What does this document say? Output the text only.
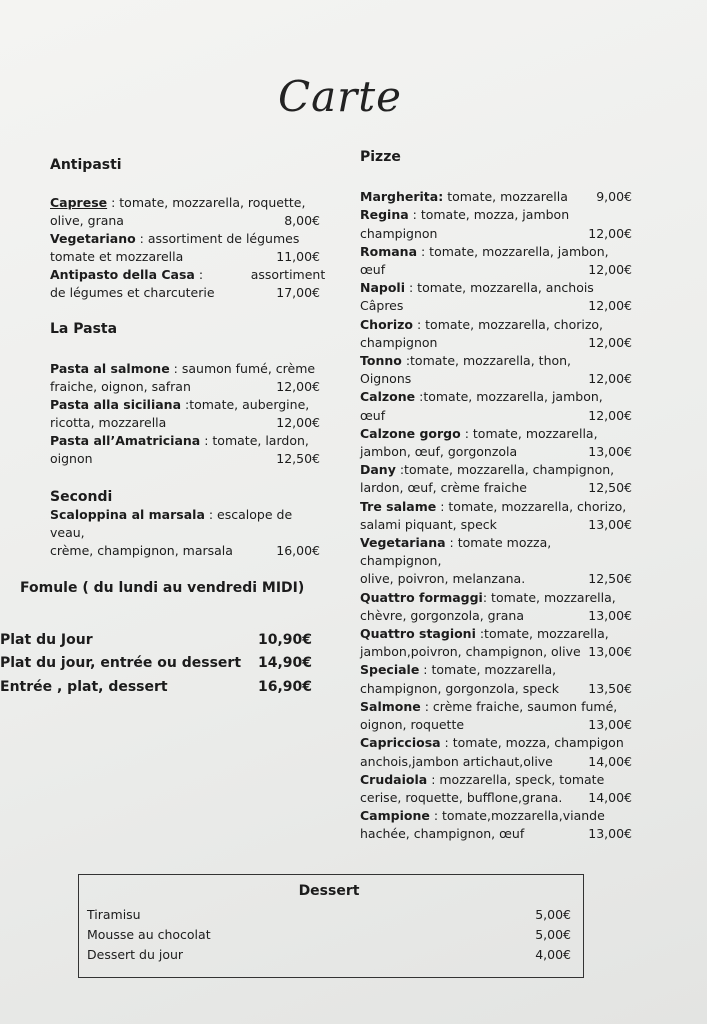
Carte

Antipasti

Caprese : tomate, mozzarella, roquette,
olive, grana	8,00€
Vegetariano : assortiment de légumes
tomate et mozzarella	11,00€
Antipasto della Casa :            assortiment
de légumes et charcuterie	17,00€

La Pasta

Pasta al salmone : saumon fumé, crème
fraiche, oignon, safran	12,00€
Pasta alla siciliana :tomate, aubergine,
ricotta, mozzarella	12,00€
Pasta all’Amatriciana : tomate, lardon,
oignon	12,50€

Secondi

Scaloppina al marsala : escalope de veau,
crème, champignon, marsala	16,00€
Fomule ( du lundi au vendredi MIDI)
Plat du Jour	10,90€
Plat du jour, entrée ou dessert 14,90€
Entrée , plat, dessert	16,90€

Pizze

Margherita: tomate, mozzarella 9,00€
Regina : tomate, mozza, jambon
champignon	12,00€
Romana : tomate, mozzarella, jambon,
œuf	12,00€
Napoli : tomate, mozzarella, anchois
Câpres	12,00€
Chorizo : tomate, mozzarella, chorizo,
champignon	12,00€
Tonno :tomate, mozzarella, thon,
Oignons	12,00€
Calzone :tomate, mozzarella, jambon,
œuf	12,00€
Calzone gorgo : tomate, mozzarella,
jambon, œuf, gorgonzola	13,00€
Dany :tomate, mozzarella, champignon,
lardon, œuf, crème fraiche	12,50€
Tre salame : tomate, mozzarella, chorizo,
salami piquant, speck	13,00€
Vegetariana : tomate mozza, champignon,
olive, poivron, melanzana.	12,50€
Quattro formaggi: tomate, mozzarella,
chèvre, gorgonzola, grana	13,00€
Quattro stagioni :tomate, mozzarella,
jambon,poivron, champignon, olive 13,00€
Speciale : tomate, mozzarella,
champignon, gorgonzola, speck 13,50€
Salmone : crème fraiche, saumon fumé,
oignon, roquette	13,00€
Capricciosa : tomate, mozza, champigon
anchois,jambon artichaut,olive	14,00€
Crudaiola : mozzarella, speck, tomate
cerise, roquette, bufflone,grana. 14,00€
Campione : tomate,mozzarella,viande
hachée, champignon, œuf	13,00€
Dessert
Tiramisu	5,00€
Mousse au chocolat	5,00€
Dessert du jour	4,00€
